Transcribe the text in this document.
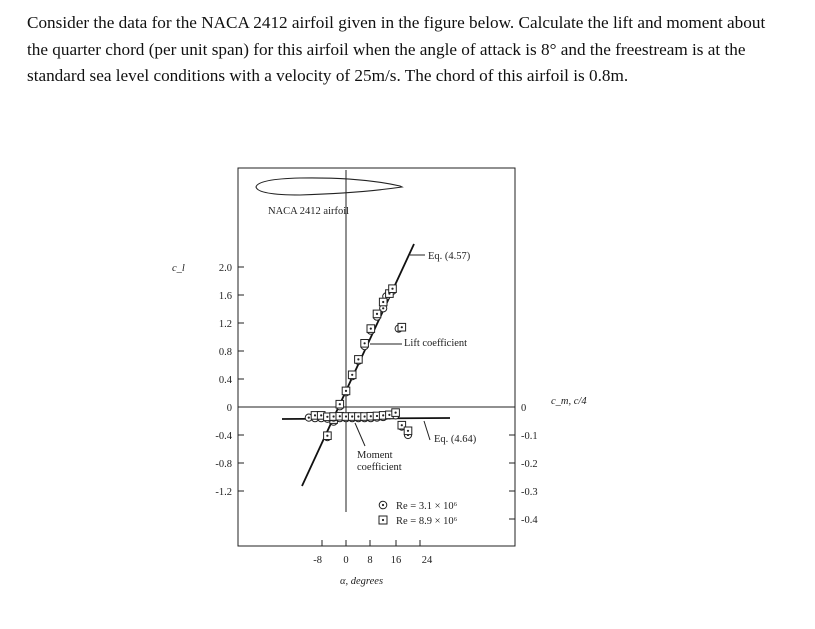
Consider the data for the NACA 2412 airfoil given in the figure below. Calculate the lift and moment about the quarter chord (per unit span) for this airfoil when the angle of attack is 8° and the freestream is at the standard sea level conditions with a velocity of 25m/s. The chord of this airfoil is 0.8m.

NACA 2412 airfoil
c_l	2.0
1.6
1.2
0.8
0.4
0
-0.4
-0.8
-1.2
c_m, c/4
0
-0.1
-0.2
-0.3
-0.4
-8 0 8 16 24
α, degrees
Eq. (4.57)
Lift coefficient
Eq. (4.64)
Moment
coefficient
Re = 3.1 × 10⁶
Re = 8.9 × 10⁶
